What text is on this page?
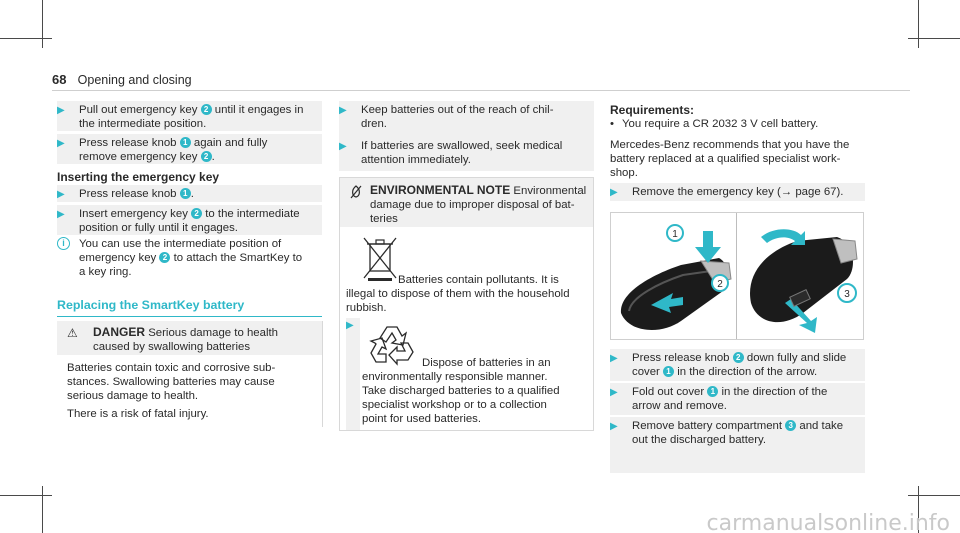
68 Opening and closing
▶ Pull out emergency key 2 until it engages in
the intermediate position.
▶ Press release knob 1 again and fully
remove emergency key 2 .
Inserting the emergency key
▶ Press release knob 1 .
▶ Insert emergency key 2 to the intermediate
position or fully until it engages.
i	You can use the intermediate position of
emergency key 2 to attach the SmartKey to
a key ring.
Replacing the SmartKey battery
⚠ DANGER Serious damage to health
caused by swallowing batteries
Batteries contain toxic and corrosive sub-
stances. Swallowing batteries may cause
serious damage to health.
There is a risk of fatal injury.
▶ Keep batteries out of the reach of chil-
dren.
▶ If batteries are swallowed, seek medical
attention immediately.
ENVIRONMENTAL NOTE Environmental
damage due to improper disposal of bat-
teries
Batteries contain pollutants. It is
illegal to dispose of them with the household
rubbish.
▶
Dispose of batteries in an
environmentally responsible manner.
Take discharged batteries to a qualified
specialist workshop or to a collection
point for used batteries.
Requirements:
• You require a CR 2032 3 V cell battery.
Mercedes-Benz recommends that you have the
battery replaced at a qualified specialist work-
shop.
▶ Remove the emergency key (→ page 67).
1
2
3
▶ Press release knob 2 down fully and slide
cover 1 in the direction of the arrow.
▶ Fold out cover 1 in the direction of the
arrow and remove.
▶ Remove battery compartment 3 and take
out the discharged battery.
carmanualsonline.info
